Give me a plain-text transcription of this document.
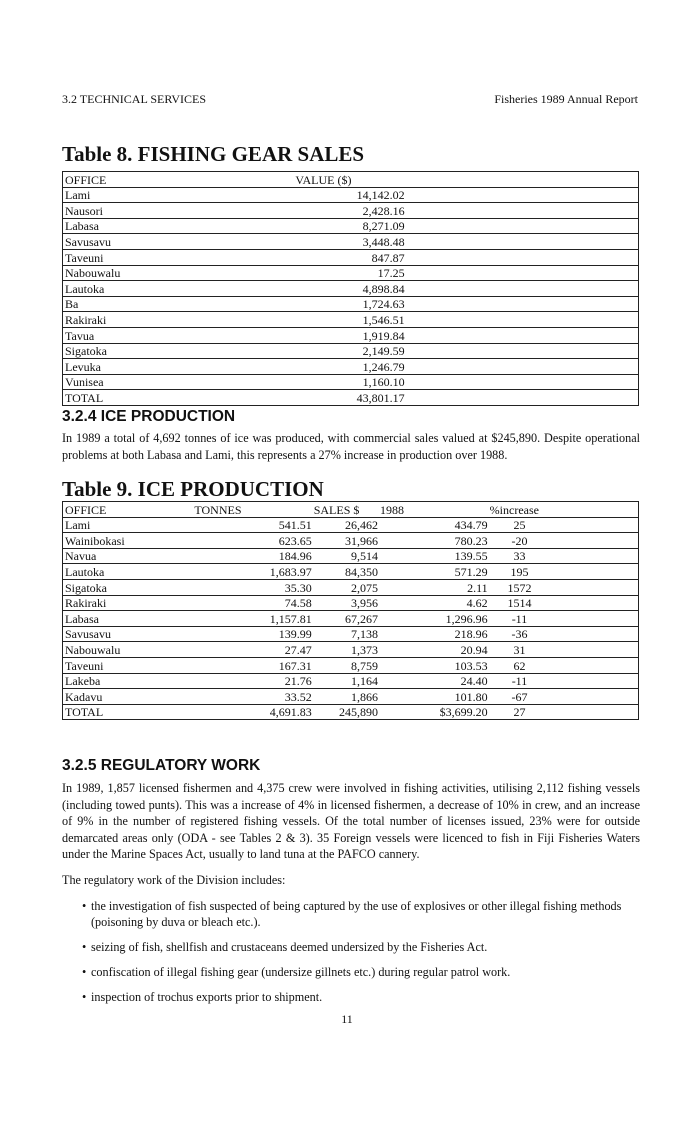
3.2 TECHNICAL SERVICES	Fisheries 1989 Annual Report
Table 8. FISHING GEAR SALES
OFFICE	VALUE ($)	
Lami	14,142.02	
Nausori	2,428.16	
Labasa	8,271.09	
Savusavu	3,448.48	
Taveuni	847.87	
Nabouwalu	17.25	
Lautoka	4,898.84	
Ba	1,724.63	
Rakiraki	1,546.51	
Tavua	1,919.84	
Sigatoka	2,149.59	
Levuka	1,246.79	
Vunisea	1,160.10	
TOTAL	43,801.17	
3.2.4 ICE PRODUCTION

In 1989 a total of 4,692 tonnes of ice was produced, with commercial sales valued at $245,890. Despite operational problems at both Labasa and Lami, this represents a 27% increase in production over 1988.

Table 9. ICE PRODUCTION
OFFICE	TONNES	SALES $	1988	%increase	
Lami	541.51	26,462	434.79	25	
Wainibokasi	623.65	31,966	780.23	-20	
Navua	184.96	9,514	139.55	33	
Lautoka	1,683.97	84,350	571.29	195	
Sigatoka	35.30	2,075	2.11	1572	
Rakiraki	74.58	3,956	4.62	1514	
Labasa	1,157.81	67,267	1,296.96	-11	
Savusavu	139.99	7,138	218.96	-36	
Nabouwalu	27.47	1,373	20.94	31	
Taveuni	167.31	8,759	103.53	62	
Lakeba	21.76	1,164	24.40	-11	
Kadavu	33.52	1,866	101.80	-67	
TOTAL	4,691.83	245,890	$3,699.20	27	
3.2.5 REGULATORY WORK

In 1989, 1,857 licensed fishermen and 4,375 crew were involved in fishing activities, utilising 2,112 fishing vessels (including towed punts). This was a increase of 4% in licensed fishermen, a decrease of 10% in crew, and an increase of 9% in the number of registered fishing vessels. Of the total number of licenses issued, 23% were for outside demarcated areas only (ODA - see Tables 2 & 3). 35 Foreign vessels were licenced to fish in Fiji Fisheries Waters under the Marine Spaces Act, usually to land tuna at the PAFCO cannery.

The regulatory work of the Division includes:

• the investigation of fish suspected of being captured by the use of explosives or other illegal fishing methods (poisoning by duva or bleach etc.).
• seizing of fish, shellfish and crustaceans deemed undersized by the Fisheries Act.
• confiscation of illegal fishing gear (undersize gillnets etc.) during regular patrol work.
• inspection of trochus exports prior to shipment.
11
